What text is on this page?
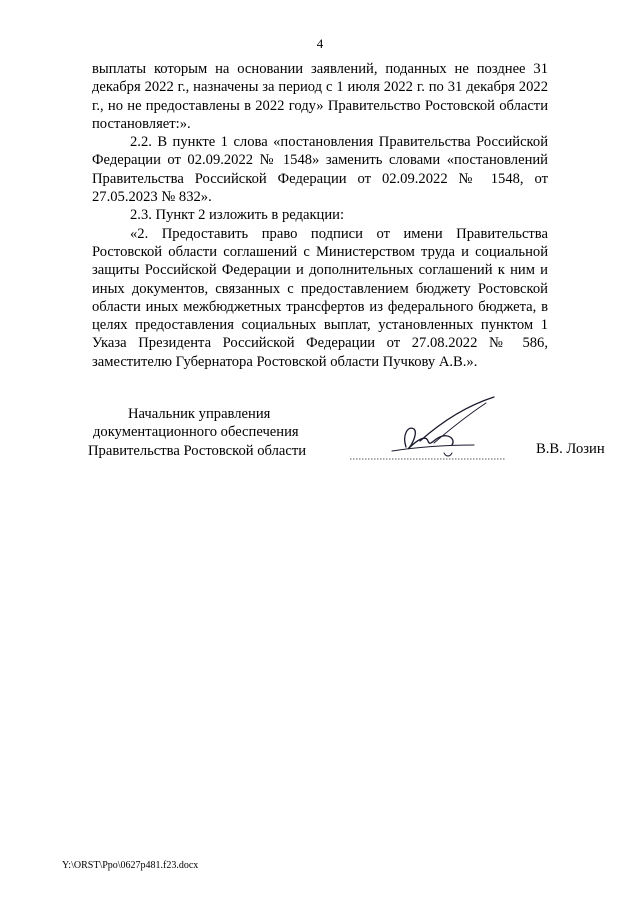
4

выплаты которым на основании заявлений, поданных не позднее 31 декабря 2022 г., назначены за период с 1 июля 2022 г. по 31 декабря 2022 г., но не предоставлены в 2022 году» Правительство Ростовской области постановляет:».

2.2. В пункте 1 слова «постановления Правительства Российской Федерации от 02.09.2022 № 1548» заменить словами «постановлений Правительства Российской Федерации от 02.09.2022 № 1548, от 27.05.2023 № 832».

2.3. Пункт 2 изложить в редакции:

«2. Предоставить право подписи от имени Правительства Ростовской области соглашений с Министерством труда и социальной защиты Российской Федерации и дополнительных соглашений к ним и иных документов, связанных с предоставлением бюджету Ростовской области иных межбюджетных трансфертов из федерального бюджета, в целях предоставления социальных выплат, установленных пунктом 1 Указа Президента Российской Федерации от 27.08.2022 № 586, заместителю Губернатора Ростовской области Пучкову А.В.».

Начальник управления
документационного обеспечения
Правительства Ростовской области	В.В. Лозин
Y:\ORST\Ppo\0627p481.f23.docx
